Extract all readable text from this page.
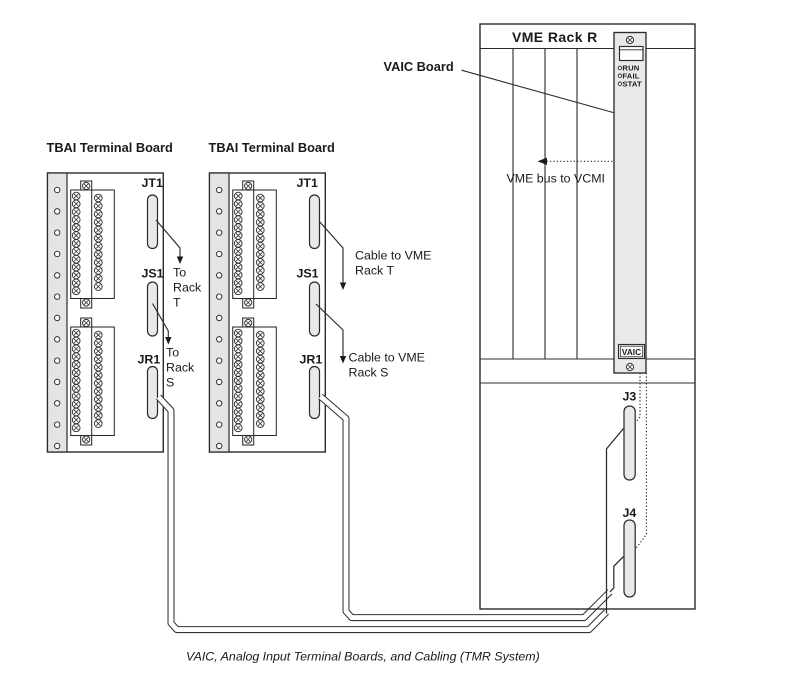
RUN
FAIL
STAT
VAIC
TBAI Terminal Board	TBAI Terminal Board
VME Rack R
VAIC Board
VME bus to VCMI
JT1
JS1
JR1
JT1
JS1
JR1
J3
J4
To
Rack
T
To
Rack
S
Cable to VME
Rack T
Cable to VME
Rack S
VAIC, Analog Input Terminal Boards, and Cabling (TMR System)
